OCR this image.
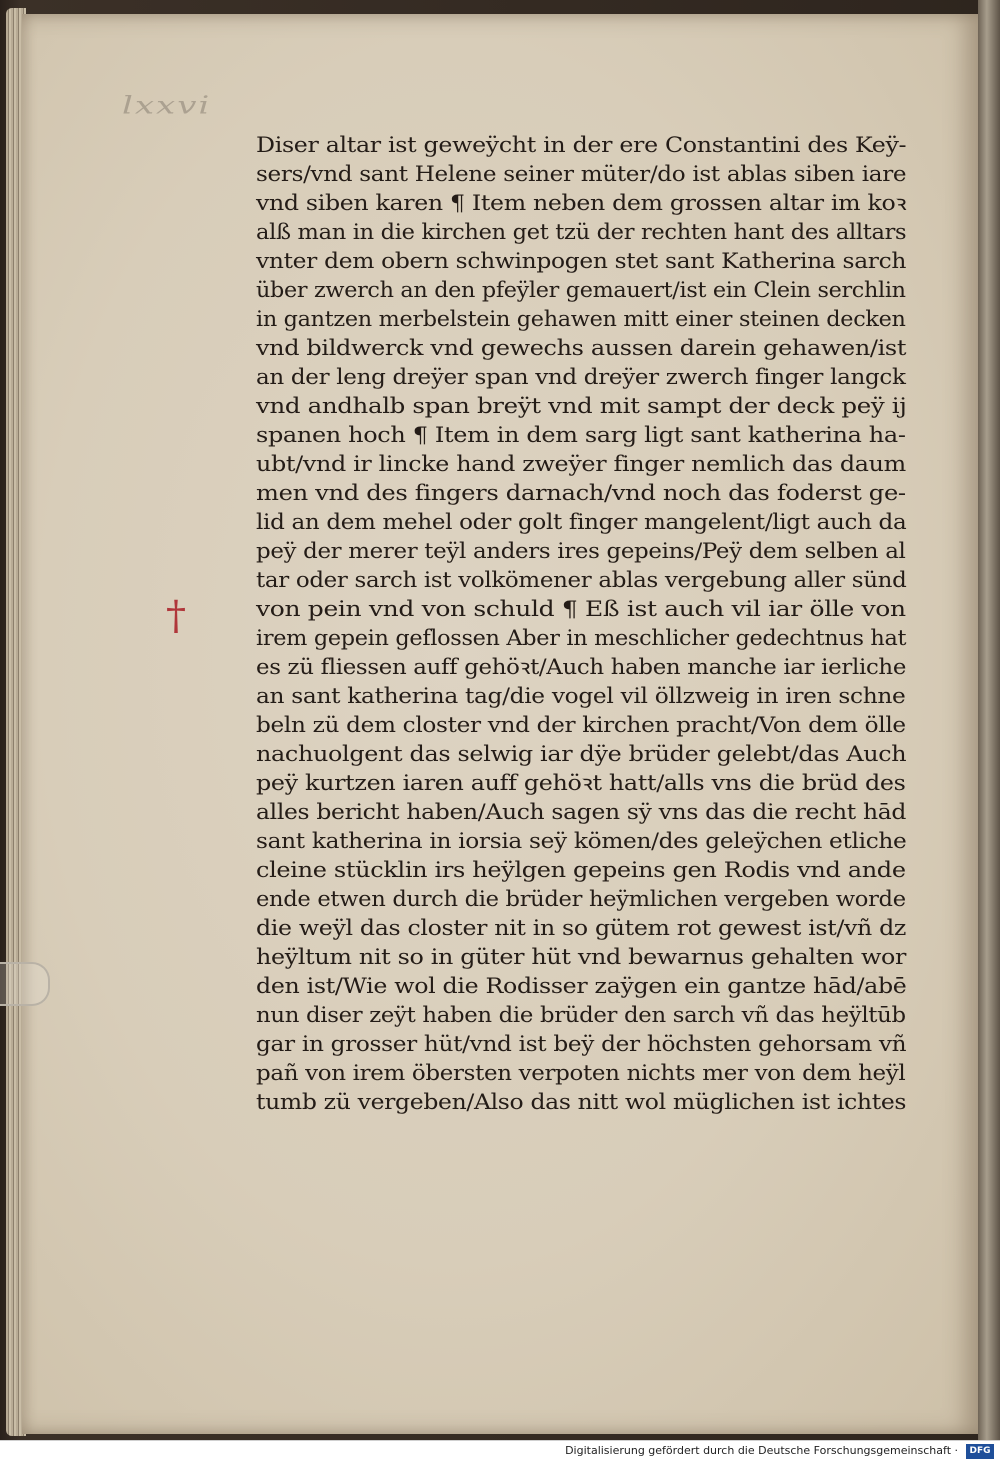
lxxvi
†
Diser altar ist geweÿcht in der ere Constantini des Keÿ-
sers/vnd sant Helene seiner müter/do ist ablas siben iare
vnd siben karen ¶ Item neben dem grossen altar im koꝛ
alß man in die kirchen get tzü der rechten hant des alltars
vnter dem obern schwinpogen stet sant Katherina sarch
über zwerch an den pfeÿler gemauert/ist ein Clein serchlin
in gantzen merbelstein gehawen mitt einer steinen decken
vnd bildwerck vnd gewechs aussen darein gehawen/ist
an der leng dreÿer span vnd dreÿer zwerch finger langck
vnd andhalb span breÿt vnd mit sampt der deck peÿ ij
spanen hoch ¶ Item in dem sarg ligt sant katherina ha-
ubt/vnd ir lincke hand zweÿer finger nemlich das daum
men vnd des fingers darnach/vnd noch das foderst ge-
lid an dem mehel oder golt finger mangelent/ligt auch da
peÿ der merer teÿl anders ires gepeins/Peÿ dem selben al
tar oder sarch ist volkömener ablas vergebung aller sünd
von pein vnd von schuld ¶ Eß ist auch vil iar ölle von
irem gepein geflossen Aber in meschlicher gedechtnus hat
es zü fliessen auff gehöꝛt/Auch haben manche iar ierliche
an sant katherina tag/die vogel vil öllzweig in iren schne
beln zü dem closter vnd der kirchen pracht/Von dem ölle
nachuolgent das selwig iar dÿe brüder gelebt/das Auch
peÿ kurtzen iaren auff gehöꝛt hatt/alls vns die brüd des
alles bericht haben/Auch sagen sÿ vns das die recht hād
sant katherina in iorsia seÿ kömen/des geleÿchen etliche
cleine stücklin irs heÿlgen gepeins gen Rodis vnd ande
ende etwen durch die brüder heÿmlichen vergeben worde
die weÿl das closter nit in so gütem rot gewest ist/vñ dz
heÿltum nit so in güter hüt vnd bewarnus gehalten wor
den ist/Wie wol die Rodisser zaÿgen ein gantze hād/abē
nun diser zeÿt haben die brüder den sarch vñ das heÿltūb
gar in grosser hüt/vnd ist beÿ der höchsten gehorsam vñ
pañ von irem öbersten verpoten nichts mer von dem heÿl
tumb zü vergeben/Also das nitt wol müglichen ist ichtes
Digitalisierung gefördert durch die Deutsche Forschungsgemeinschaft ·	DFG
